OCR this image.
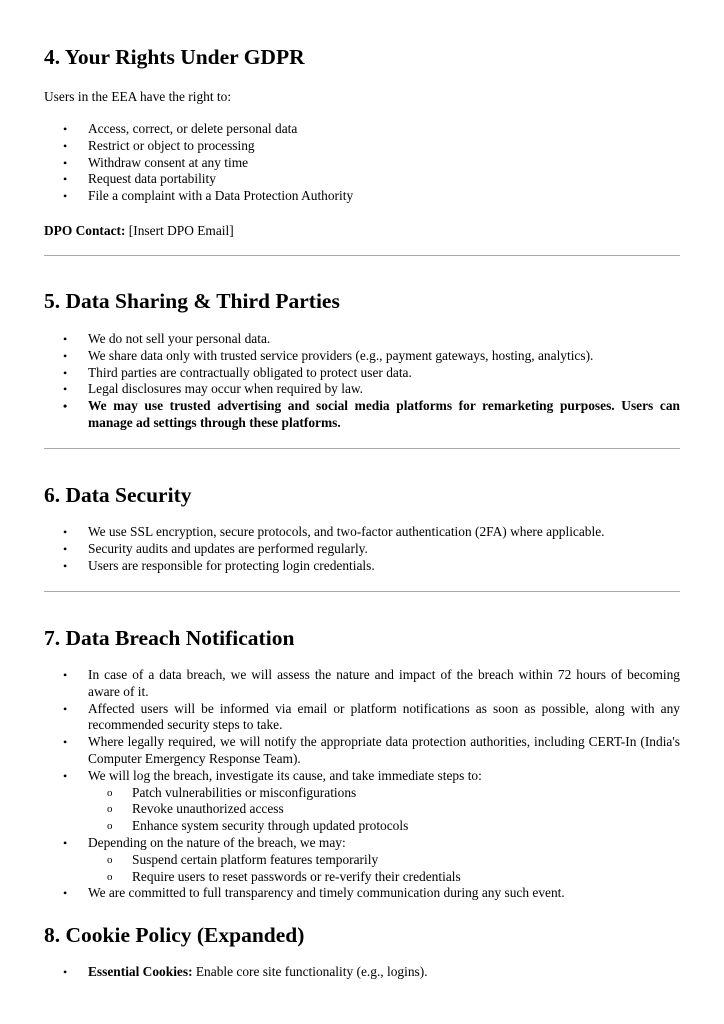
4. Your Rights Under GDPR

Users in the EEA have the right to:

• Access, correct, or delete personal data
• Restrict or object to processing
• Withdraw consent at any time
• Request data portability
• File a complaint with a Data Protection Authority

DPO Contact: [Insert DPO Email]

5. Data Sharing & Third Parties
• We do not sell your personal data.
• We share data only with trusted service providers (e.g., payment gateways, hosting, analytics).
• Third parties are contractually obligated to protect user data.
• Legal disclosures may occur when required by law.
• We may use trusted advertising and social media platforms for remarketing purposes. Users can manage ad settings through these platforms.
6. Data Security
• We use SSL encryption, secure protocols, and two-factor authentication (2FA) where applicable.
• Security audits and updates are performed regularly.
• Users are responsible for protecting login credentials.
7. Data Breach Notification
• In case of a data breach, we will assess the nature and impact of the breach within 72 hours of becoming aware of it.
• Affected users will be informed via email or platform notifications as soon as possible, along with any recommended security steps to take.
• Where legally required, we will notify the appropriate data protection authorities, including CERT-In (India's Computer Emergency Response Team).
• We will log the breach, investigate its cause, and take immediate steps to:
o Patch vulnerabilities or misconfigurations
o Revoke unauthorized access
o Enhance system security through updated protocols
• Depending on the nature of the breach, we may:
o Suspend certain platform features temporarily
o Require users to reset passwords or re-verify their credentials
• We are committed to full transparency and timely communication during any such event.
8. Cookie Policy (Expanded)
• Essential Cookies: Enable core site functionality (e.g., logins).
